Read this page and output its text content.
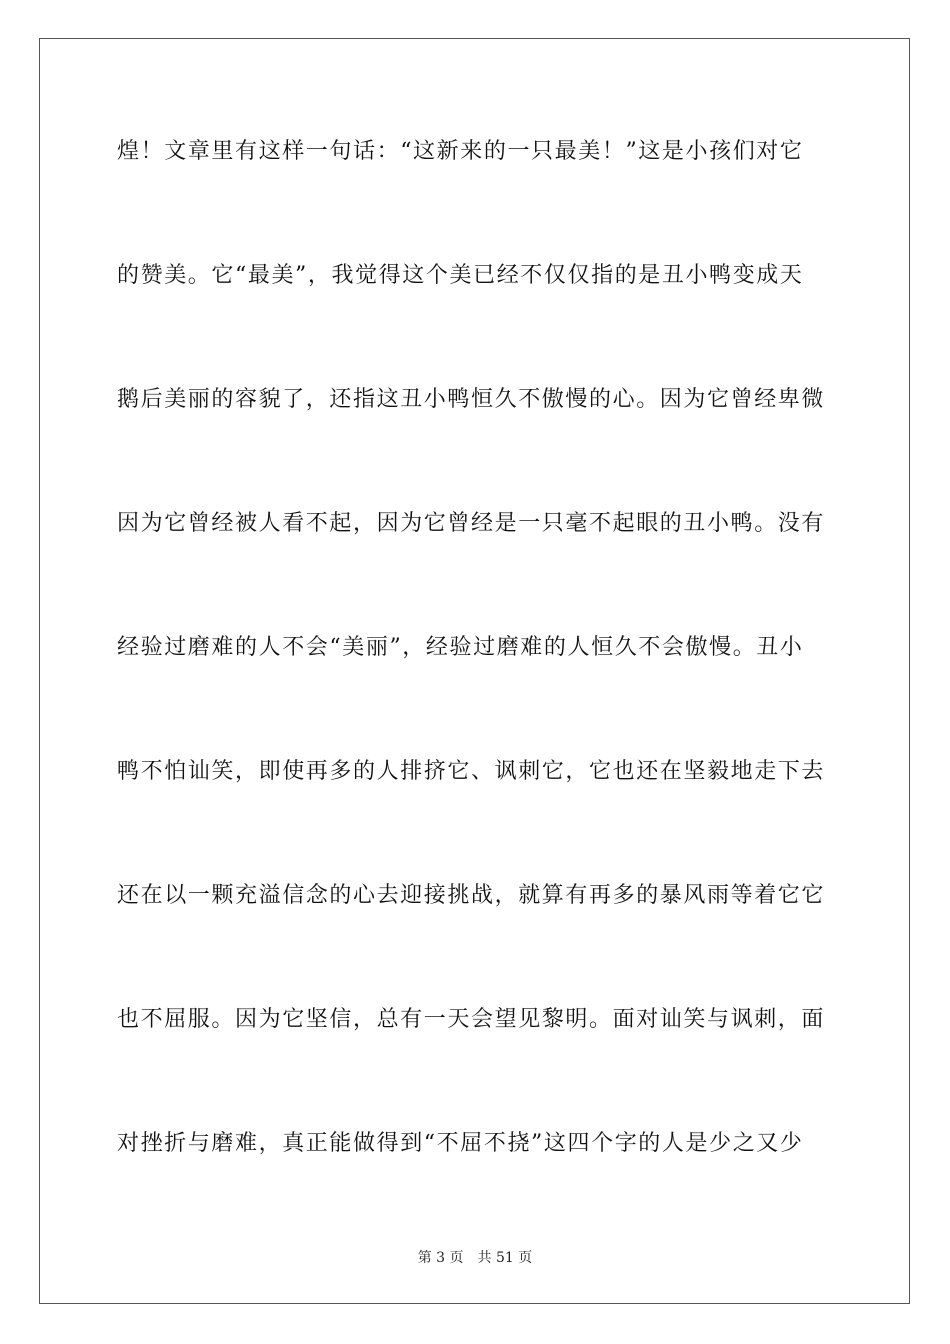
煌！文章里有这样一句话：“这新来的一只最美！”这是小孩们对它
的赞美。它“最美”，我觉得这个美已经不仅仅指的是丑小鸭变成天
鹅后美丽的容貌了，还指这丑小鸭恒久不傲慢的心。因为它曾经卑微
因为它曾经被人看不起，因为它曾经是一只毫不起眼的丑小鸭。没有
经验过磨难的人不会“美丽”，经验过磨难的人恒久不会傲慢。丑小
鸭不怕讪笑，即使再多的人排挤它、讽刺它，它也还在坚毅地走下去
还在以一颗充溢信念的心去迎接挑战，就算有再多的暴风雨等着它它
也不屈服。因为它坚信，总有一天会望见黎明。面对讪笑与讽刺，面
对挫折与磨难，真正能做得到“不屈不挠”这四个字的人是少之又少
第 3 页 共 51 页
